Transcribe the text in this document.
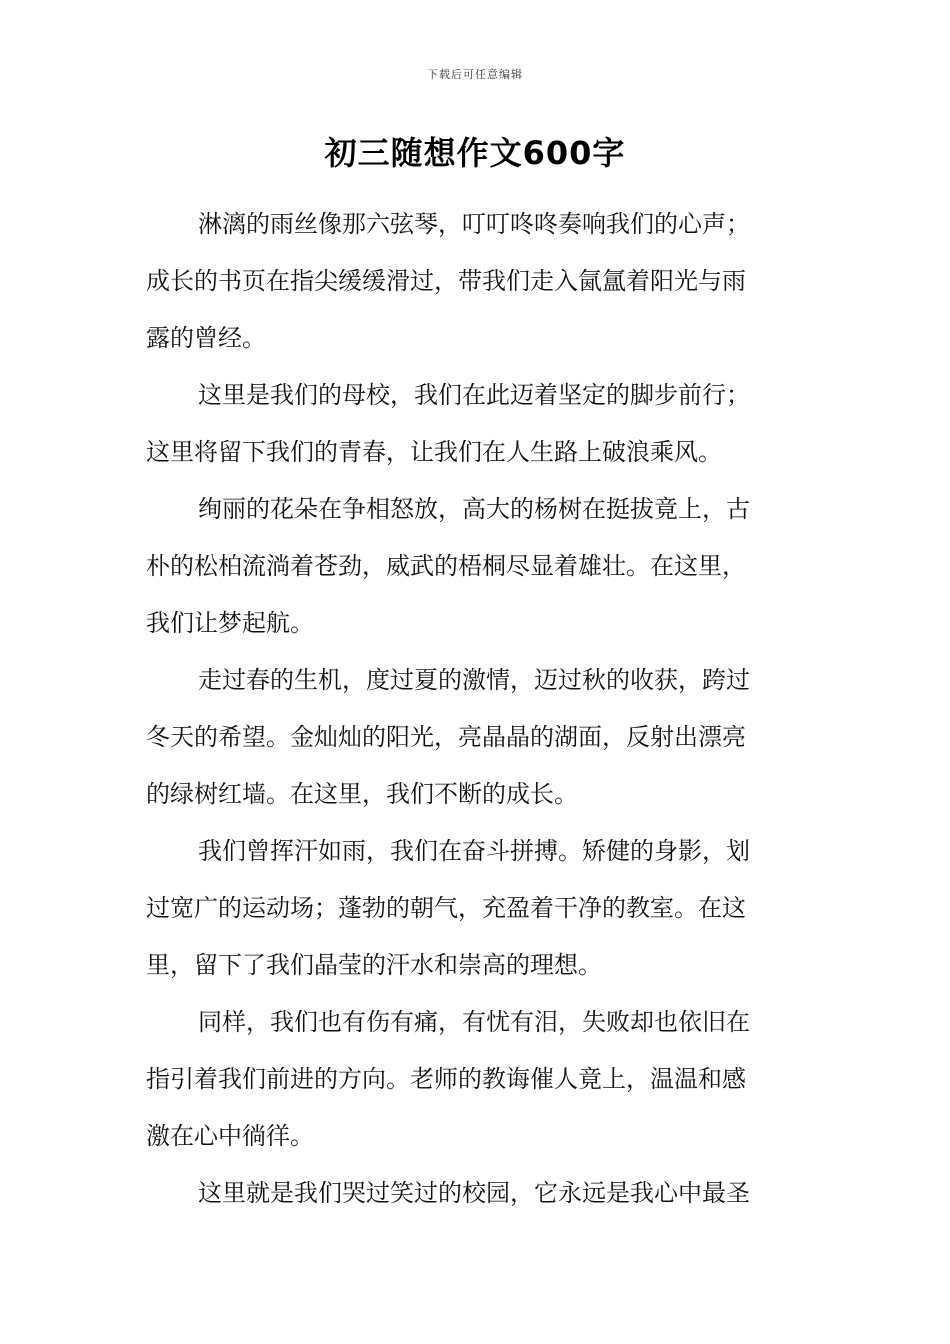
下载后可任意编辑
初三随想作文600字

淋漓的雨丝像那六弦琴，叮叮咚咚奏响我们的心声；
成长的书页在指尖缓缓滑过，带我们走入氤氲着阳光与雨
露的曾经。

这里是我们的母校，我们在此迈着坚定的脚步前行；
这里将留下我们的青春，让我们在人生路上破浪乘风。

绚丽的花朵在争相怒放，高大的杨树在挺拔竟上，古
朴的松柏流淌着苍劲，威武的梧桐尽显着雄壮。在这里，
我们让梦起航。

走过春的生机，度过夏的激情，迈过秋的收获，跨过
冬天的希望。金灿灿的阳光，亮晶晶的湖面，反射出漂亮
的绿树红墙。在这里，我们不断的成长。

我们曾挥汗如雨，我们在奋斗拼搏。矫健的身影，划
过宽广的运动场；蓬勃的朝气，充盈着干净的教室。在这
里，留下了我们晶莹的汗水和崇高的理想。

同样，我们也有伤有痛，有忧有泪，失败却也依旧在
指引着我们前进的方向。老师的教诲催人竟上，温温和感
激在心中徜徉。

这里就是我们哭过笑过的校园，它永远是我心中最圣
